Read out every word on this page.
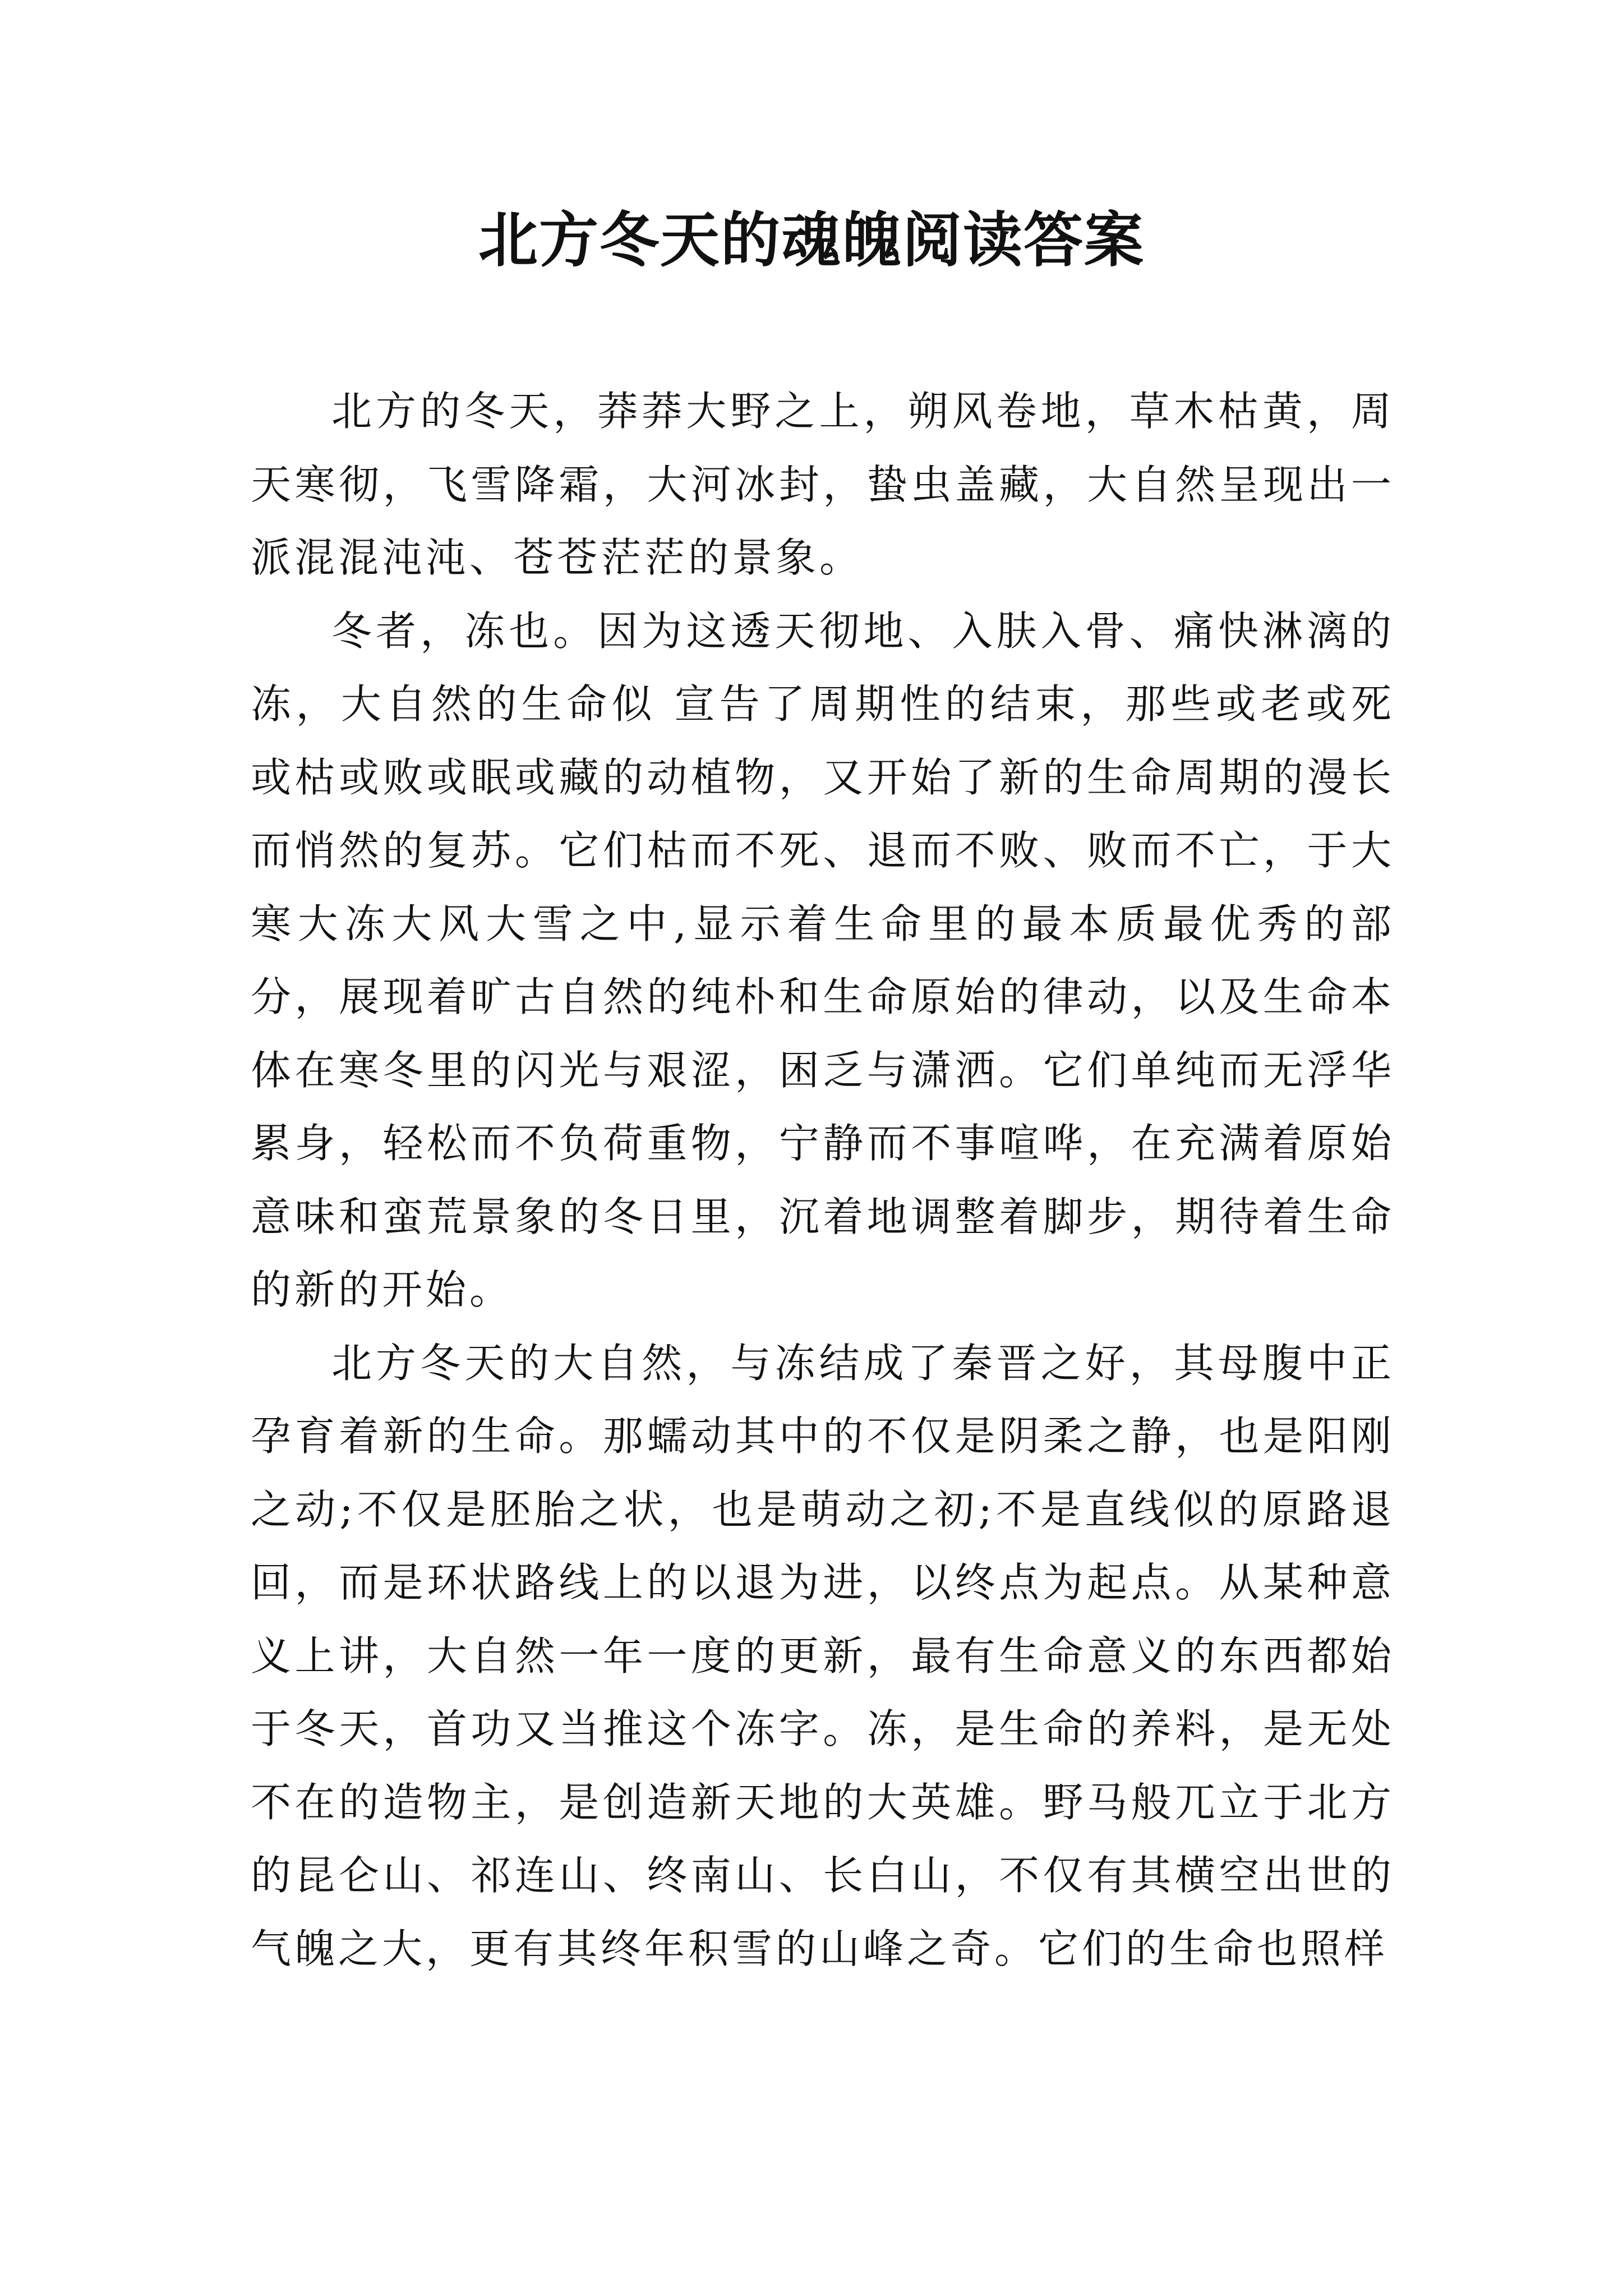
北方冬天的魂魄阅读答案

北方的冬天，莽莽大野之上，朔风卷地，草木枯黄，周天寒彻，飞雪降霜，大河冰封，蛰虫盖藏，大自然呈现出一派混混沌沌、苍苍茫茫的景象。

冬者，冻也。因为这透天彻地、入肤入骨、痛快淋漓的冻，大自然的生命似 宣告了周期性的结束，那些或老或死或枯或败或眠或藏的动植物，又开始了新的生命周期的漫长而悄然的复苏。它们枯而不死、退而不败、败而不亡，于大寒大冻大风大雪之中,显示着生命里的最本质最优秀的部分，展现着旷古自然的纯朴和生命原始的律动，以及生命本体在寒冬里的闪光与艰涩，困乏与潇洒。它们单纯而无浮华累身，轻松而不负荷重物，宁静而不事喧哗，在充满着原始意味和蛮荒景象的冬日里，沉着地调整着脚步，期待着生命的新的开始。

北方冬天的大自然，与冻结成了秦晋之好，其母腹中正孕育着新的生命。那蠕动其中的不仅是阴柔之静，也是阳刚之动;不仅是胚胎之状，也是萌动之初;不是直线似的原路退回，而是环状路线上的以退为进，以终点为起点。从某种意义上讲，大自然一年一度的更新，最有生命意义的东西都始于冬天，首功又当推这个冻字。冻，是生命的养料，是无处不在的造物主，是创造新天地的大英雄。野马般兀立于北方的昆仑山、祁连山、终南山、长白山，不仅有其横空出世的气魄之大，更有其终年积雪的山峰之奇。它们的生命也照样
